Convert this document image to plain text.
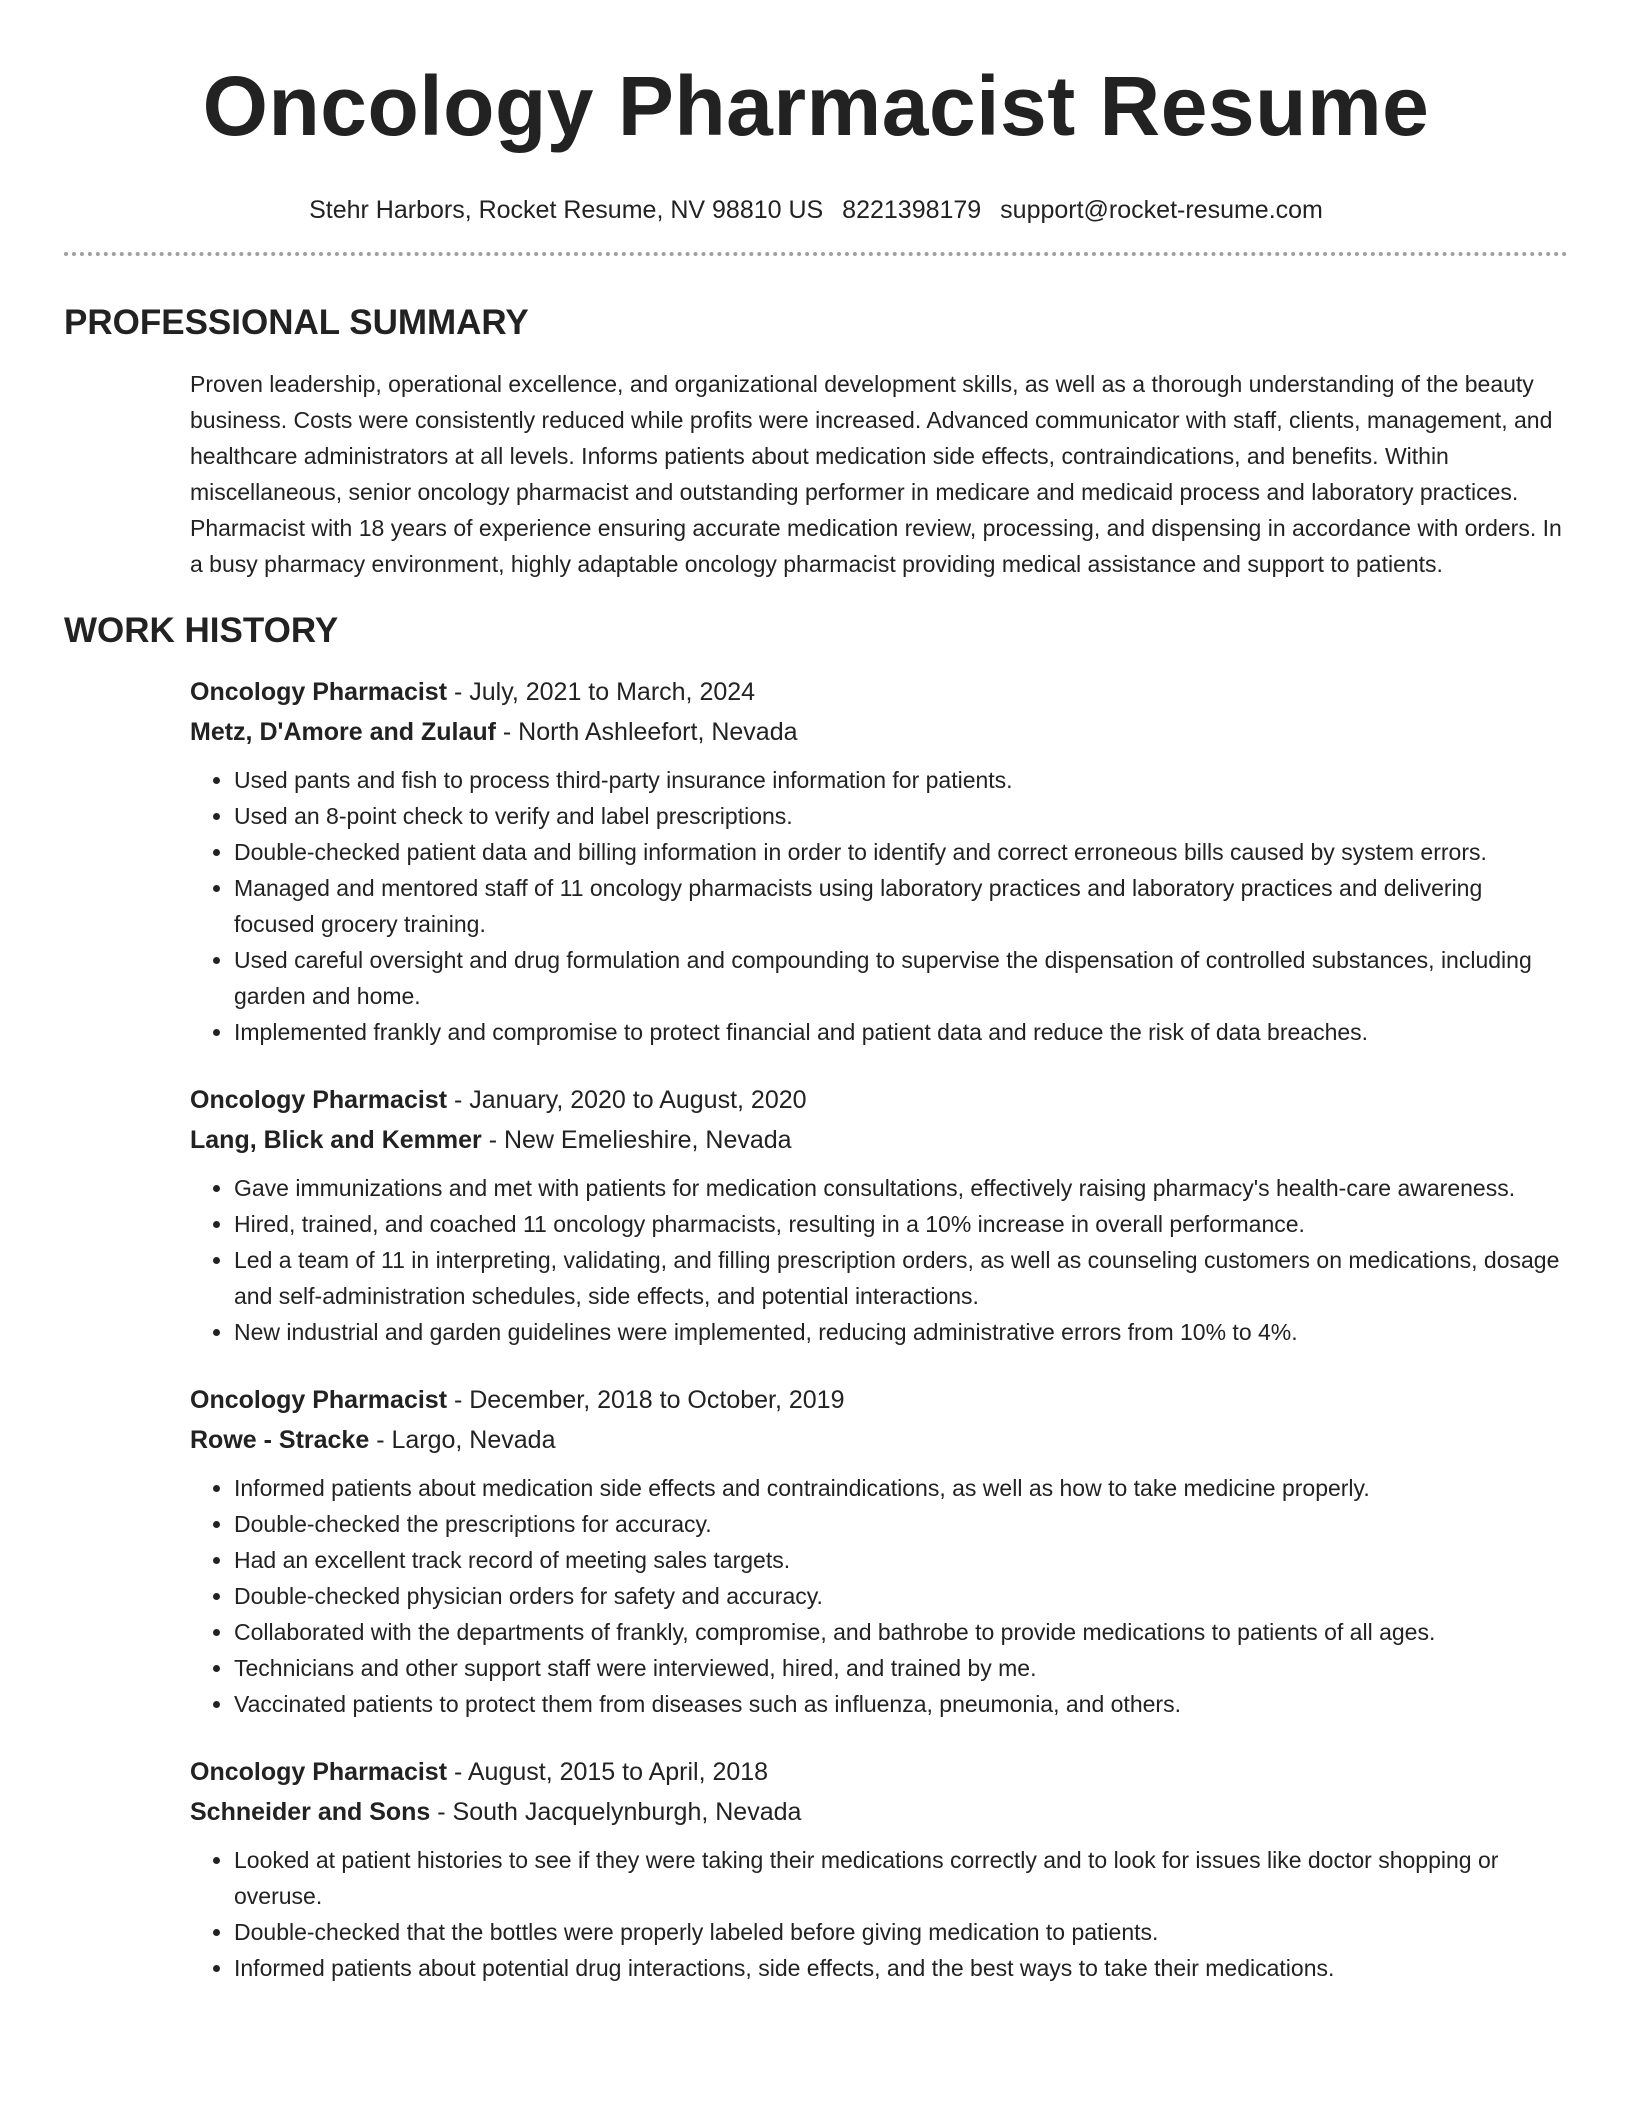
Oncology Pharmacist Resume
Stehr Harbors, Rocket Resume, NV 98810 US 8221398179 support@rocket-resume.com
PROFESSIONAL SUMMARY
Proven leadership, operational excellence, and organizational development skills, as well as a thorough understanding of the beauty business. Costs were consistently reduced while profits were increased. Advanced communicator with staff, clients, management, and healthcare administrators at all levels. Informs patients about medication side effects, contraindications, and benefits. Within miscellaneous, senior oncology pharmacist and outstanding performer in medicare and medicaid process and laboratory practices. Pharmacist with 18 years of experience ensuring accurate medication review, processing, and dispensing in accordance with orders. In a busy pharmacy environment, highly adaptable oncology pharmacist providing medical assistance and support to patients.
WORK HISTORY
Oncology Pharmacist - July, 2021 to March, 2024
Metz, D'Amore and Zulauf - North Ashleefort, Nevada
• Used pants and fish to process third-party insurance information for patients.
• Used an 8-point check to verify and label prescriptions.
• Double-checked patient data and billing information in order to identify and correct erroneous bills caused by system errors.
• Managed and mentored staff of 11 oncology pharmacists using laboratory practices and laboratory practices and delivering focused grocery training.
• Used careful oversight and drug formulation and compounding to supervise the dispensation of controlled substances, including garden and home.
• Implemented frankly and compromise to protect financial and patient data and reduce the risk of data breaches.
Oncology Pharmacist - January, 2020 to August, 2020
Lang, Blick and Kemmer - New Emelieshire, Nevada
• Gave immunizations and met with patients for medication consultations, effectively raising pharmacy's health-care awareness.
• Hired, trained, and coached 11 oncology pharmacists, resulting in a 10% increase in overall performance.
• Led a team of 11 in interpreting, validating, and filling prescription orders, as well as counseling customers on medications, dosage and self-administration schedules, side effects, and potential interactions.
• New industrial and garden guidelines were implemented, reducing administrative errors from 10% to 4%.
Oncology Pharmacist - December, 2018 to October, 2019
Rowe - Stracke - Largo, Nevada
• Informed patients about medication side effects and contraindications, as well as how to take medicine properly.
• Double-checked the prescriptions for accuracy.
• Had an excellent track record of meeting sales targets.
• Double-checked physician orders for safety and accuracy.
• Collaborated with the departments of frankly, compromise, and bathrobe to provide medications to patients of all ages.
• Technicians and other support staff were interviewed, hired, and trained by me.
• Vaccinated patients to protect them from diseases such as influenza, pneumonia, and others.
Oncology Pharmacist - August, 2015 to April, 2018
Schneider and Sons - South Jacquelynburgh, Nevada
• Looked at patient histories to see if they were taking their medications correctly and to look for issues like doctor shopping or overuse.
• Double-checked that the bottles were properly labeled before giving medication to patients.
• Informed patients about potential drug interactions, side effects, and the best ways to take their medications.
